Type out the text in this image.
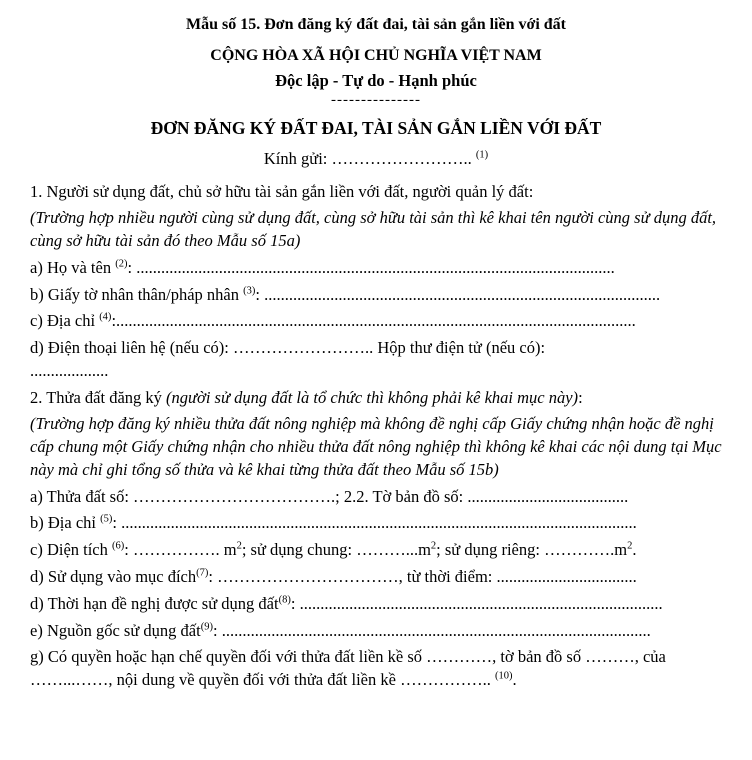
Mẫu số 15. Đơn đăng ký đất đai, tài sản gắn liền với đất

CỘNG HÒA XÃ HỘI CHỦ NGHĨA VIỆT NAM

Độc lập - Tự do - Hạnh phúc

---------------

ĐƠN ĐĂNG KÝ ĐẤT ĐAI, TÀI SẢN GẮN LIỀN VỚI ĐẤT

Kính gửi: …………………….. $^{(1)}$

1. Người sử dụng đất, chủ sở hữu tài sản gắn liền với đất, người quản lý đất:

(Trường hợp nhiều người cùng sử dụng đất, cùng sở hữu tài sản thì kê khai tên người cùng sử dụng đất, cùng sở hữu tài sản đó theo Mẫu số 15a)

a) Họ và tên $^{(2)}$: ....................................................................................................................

b) Giấy tờ nhân thân/pháp nhân $^{(3)}$: ................................................................................................

c) Địa chỉ $^{(4)}$:..............................................................................................................................

d) Điện thoại liên hệ (nếu có): …………………….. Hộp thư điện tử (nếu có):
...................

2. Thửa đất đăng ký (người sử dụng đất là tổ chức thì không phải kê khai mục này):

(Trường hợp đăng ký nhiều thửa đất nông nghiệp mà không đề nghị cấp Giấy chứng nhận hoặc đề nghị cấp chung một Giấy chứng nhận cho nhiều thửa đất nông nghiệp thì không kê khai các nội dung tại Mục này mà chỉ ghi tổng số thửa và kê khai từng thửa đất theo Mẫu số 15b)

a) Thửa đất số: ……………………………….; 2.2. Tờ bản đồ số: .......................................

b) Địa chỉ $^{(5)}$: .............................................................................................................................

c) Diện tích $^{(6)}$: ……………. $m^2$; sử dụng chung: $\dots\dots\dots...m^2$; sử dụng riêng: $\dots\dots\dots\dots.m^2$.

d) Sử dụng vào mục đích$^{(7)}$: ……………………………, từ thời điểm: ..................................

d) Thời hạn đề nghị được sử dụng đất$^{(8)}$: ........................................................................................

e) Nguồn gốc sử dụng đất$^{(9)}$: ........................................................................................................

g) Có quyền hoặc hạn chế quyền đối với thửa đất liền kề số …………, tờ bản đồ số ………, của ……...……, nội dung về quyền đối với thửa đất liền kề …………….. $^{(10)}$.
